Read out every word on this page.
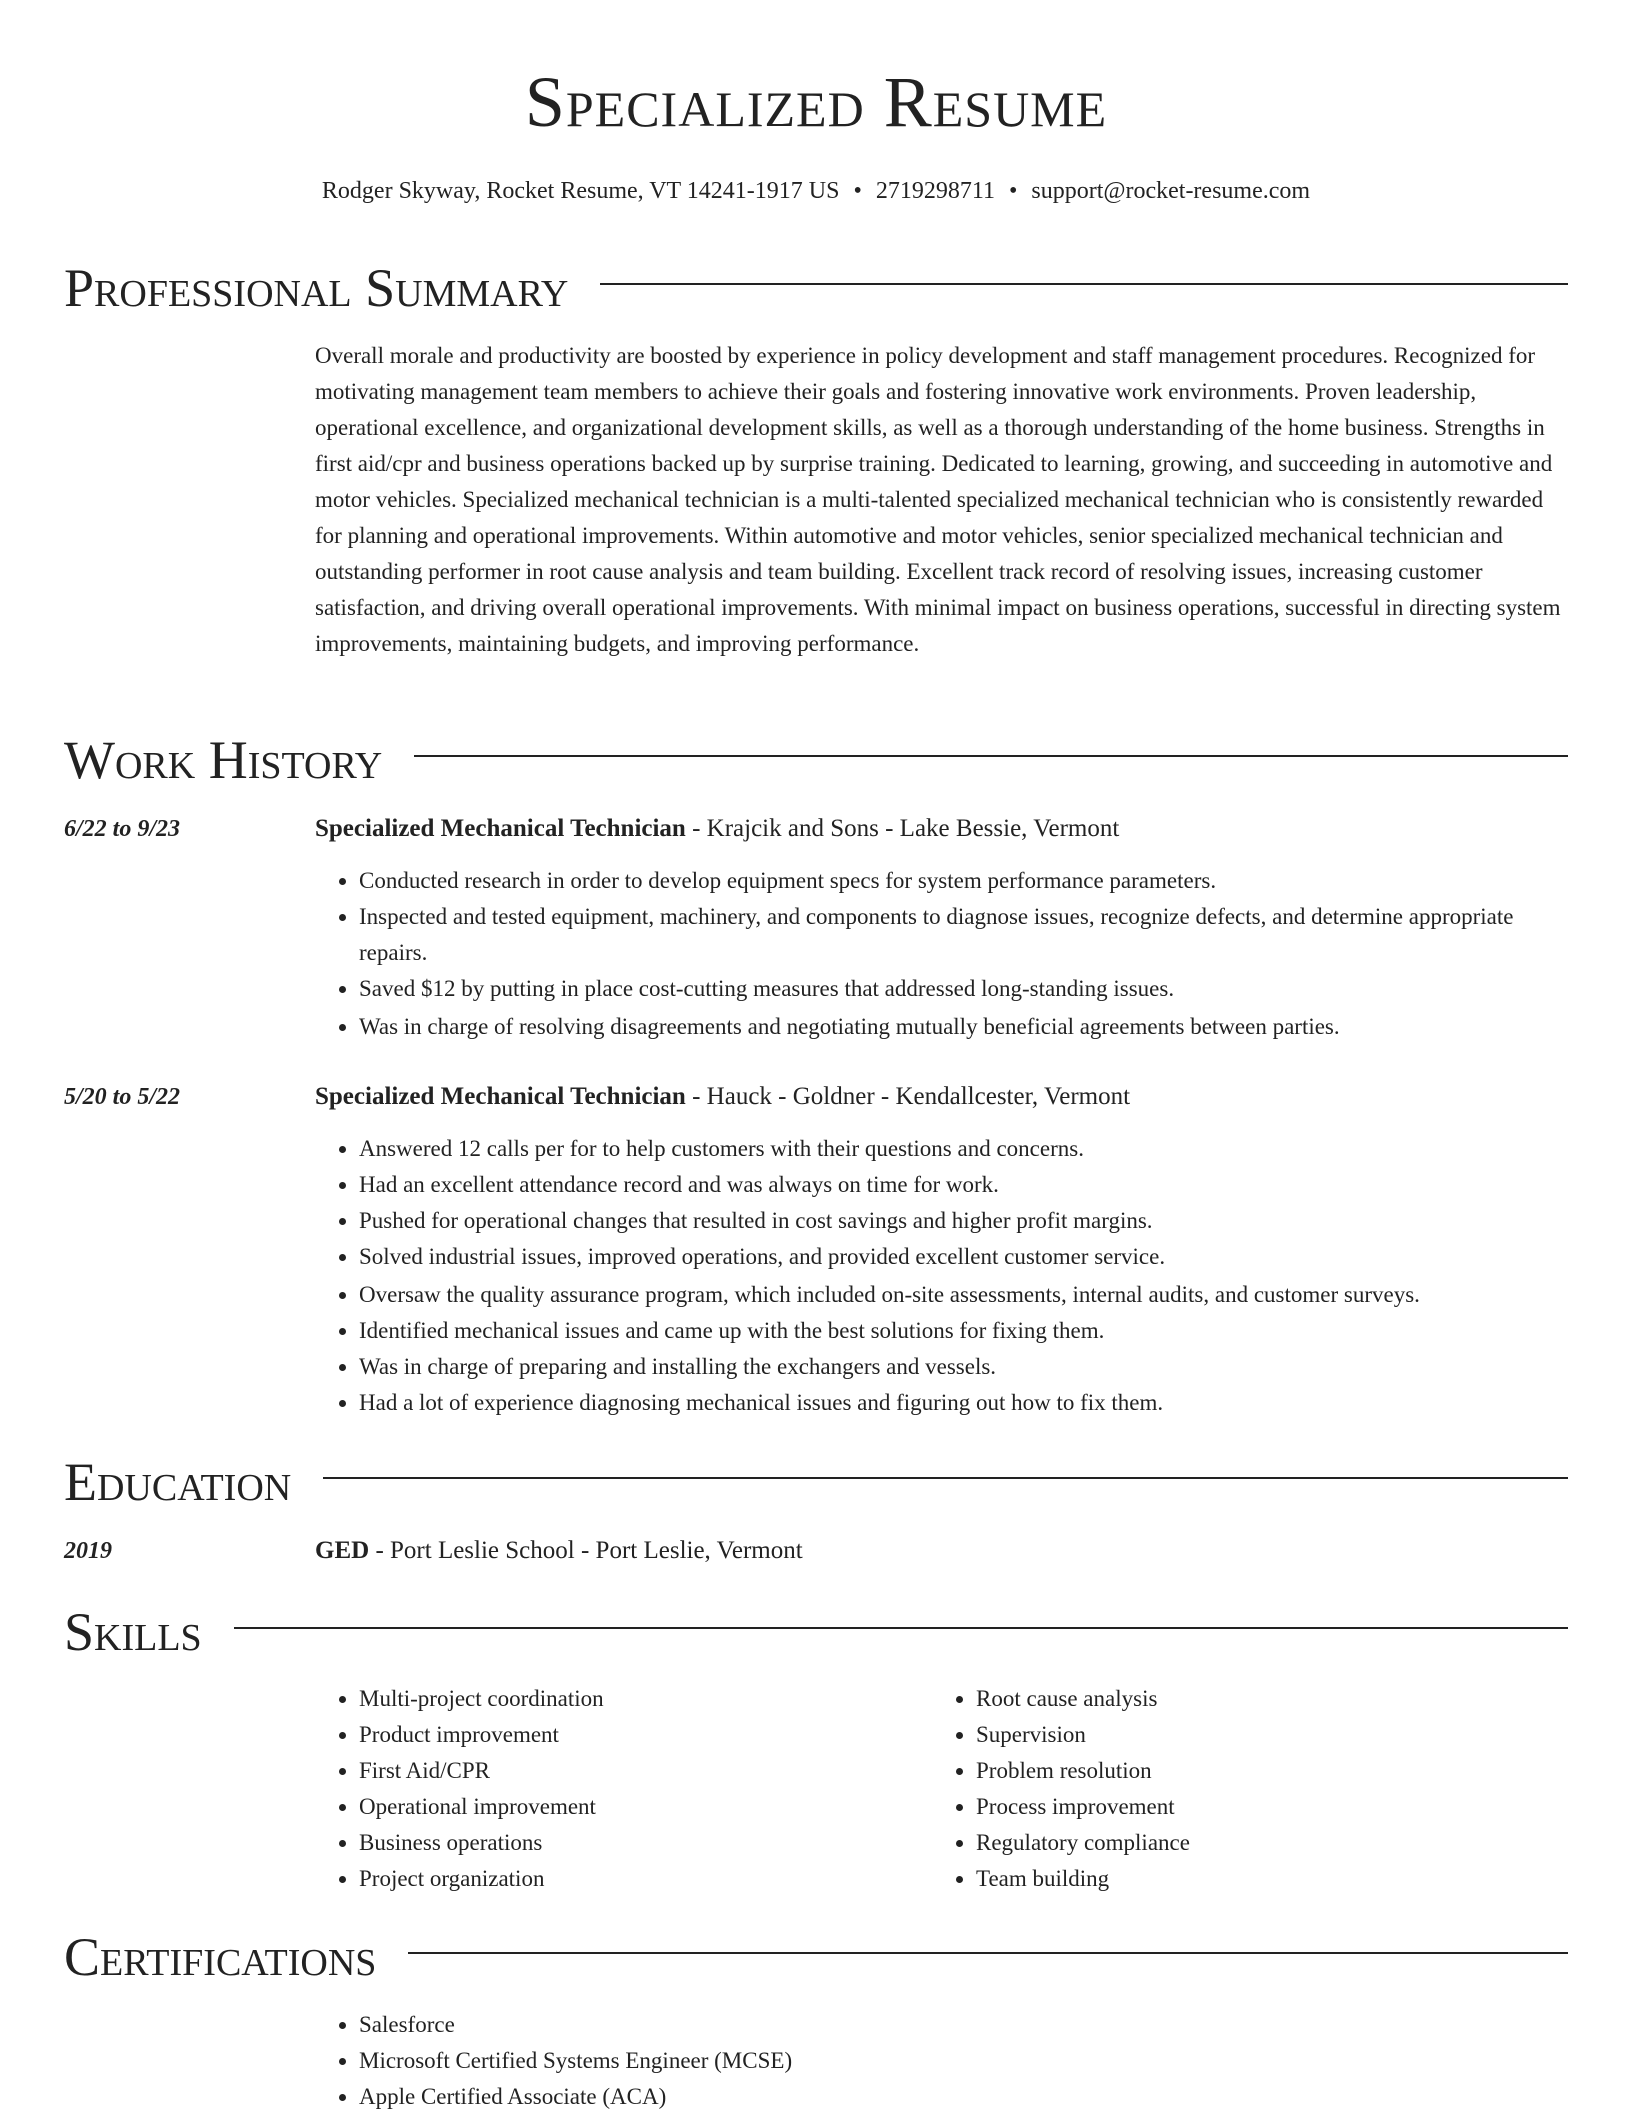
Specialized Resume
Rodger Skyway, Rocket Resume, VT 14241-1917 US • 2719298711 • support@rocket-resume.com
Professional Summary
Overall morale and productivity are boosted by experience in policy development and staff management procedures. Recognized for motivating management team members to achieve their goals and fostering innovative work environments. Proven leadership, operational excellence, and organizational development skills, as well as a thorough understanding of the home business. Strengths in first aid/cpr and business operations backed up by surprise training. Dedicated to learning, growing, and succeeding in automotive and motor vehicles. Specialized mechanical technician is a multi-talented specialized mechanical technician who is consistently rewarded for planning and operational improvements. Within automotive and motor vehicles, senior specialized mechanical technician and outstanding performer in root cause analysis and team building. Excellent track record of resolving issues, increasing customer satisfaction, and driving overall operational improvements. With minimal impact on business operations, successful in directing system improvements, maintaining budgets, and improving performance.
Work History
6/22 to 9/23	Specialized Mechanical Technician - Krajcik and Sons - Lake Bessie, Vermont
• Conducted research in order to develop equipment specs for system performance parameters.
• Inspected and tested equipment, machinery, and components to diagnose issues, recognize defects, and determine appropriate repairs.
• Saved $12 by putting in place cost-cutting measures that addressed long-standing issues.
• Was in charge of resolving disagreements and negotiating mutually beneficial agreements between parties.
5/20 to 5/22	Specialized Mechanical Technician - Hauck - Goldner - Kendallcester, Vermont
• Answered 12 calls per for to help customers with their questions and concerns.
• Had an excellent attendance record and was always on time for work.
• Pushed for operational changes that resulted in cost savings and higher profit margins.
• Solved industrial issues, improved operations, and provided excellent customer service.
• Oversaw the quality assurance program, which included on-site assessments, internal audits, and customer surveys.
• Identified mechanical issues and came up with the best solutions for fixing them.
• Was in charge of preparing and installing the exchangers and vessels.
• Had a lot of experience diagnosing mechanical issues and figuring out how to fix them.
Education
2019	GED - Port Leslie School - Port Leslie, Vermont
Skills
• Multi-project coordination
• Product improvement
• First Aid/CPR
• Operational improvement
• Business operations
• Project organization
• Root cause analysis
• Supervision
• Problem resolution
• Process improvement
• Regulatory compliance
• Team building
Certifications
• Salesforce
• Microsoft Certified Systems Engineer (MCSE)
• Apple Certified Associate (ACA)
